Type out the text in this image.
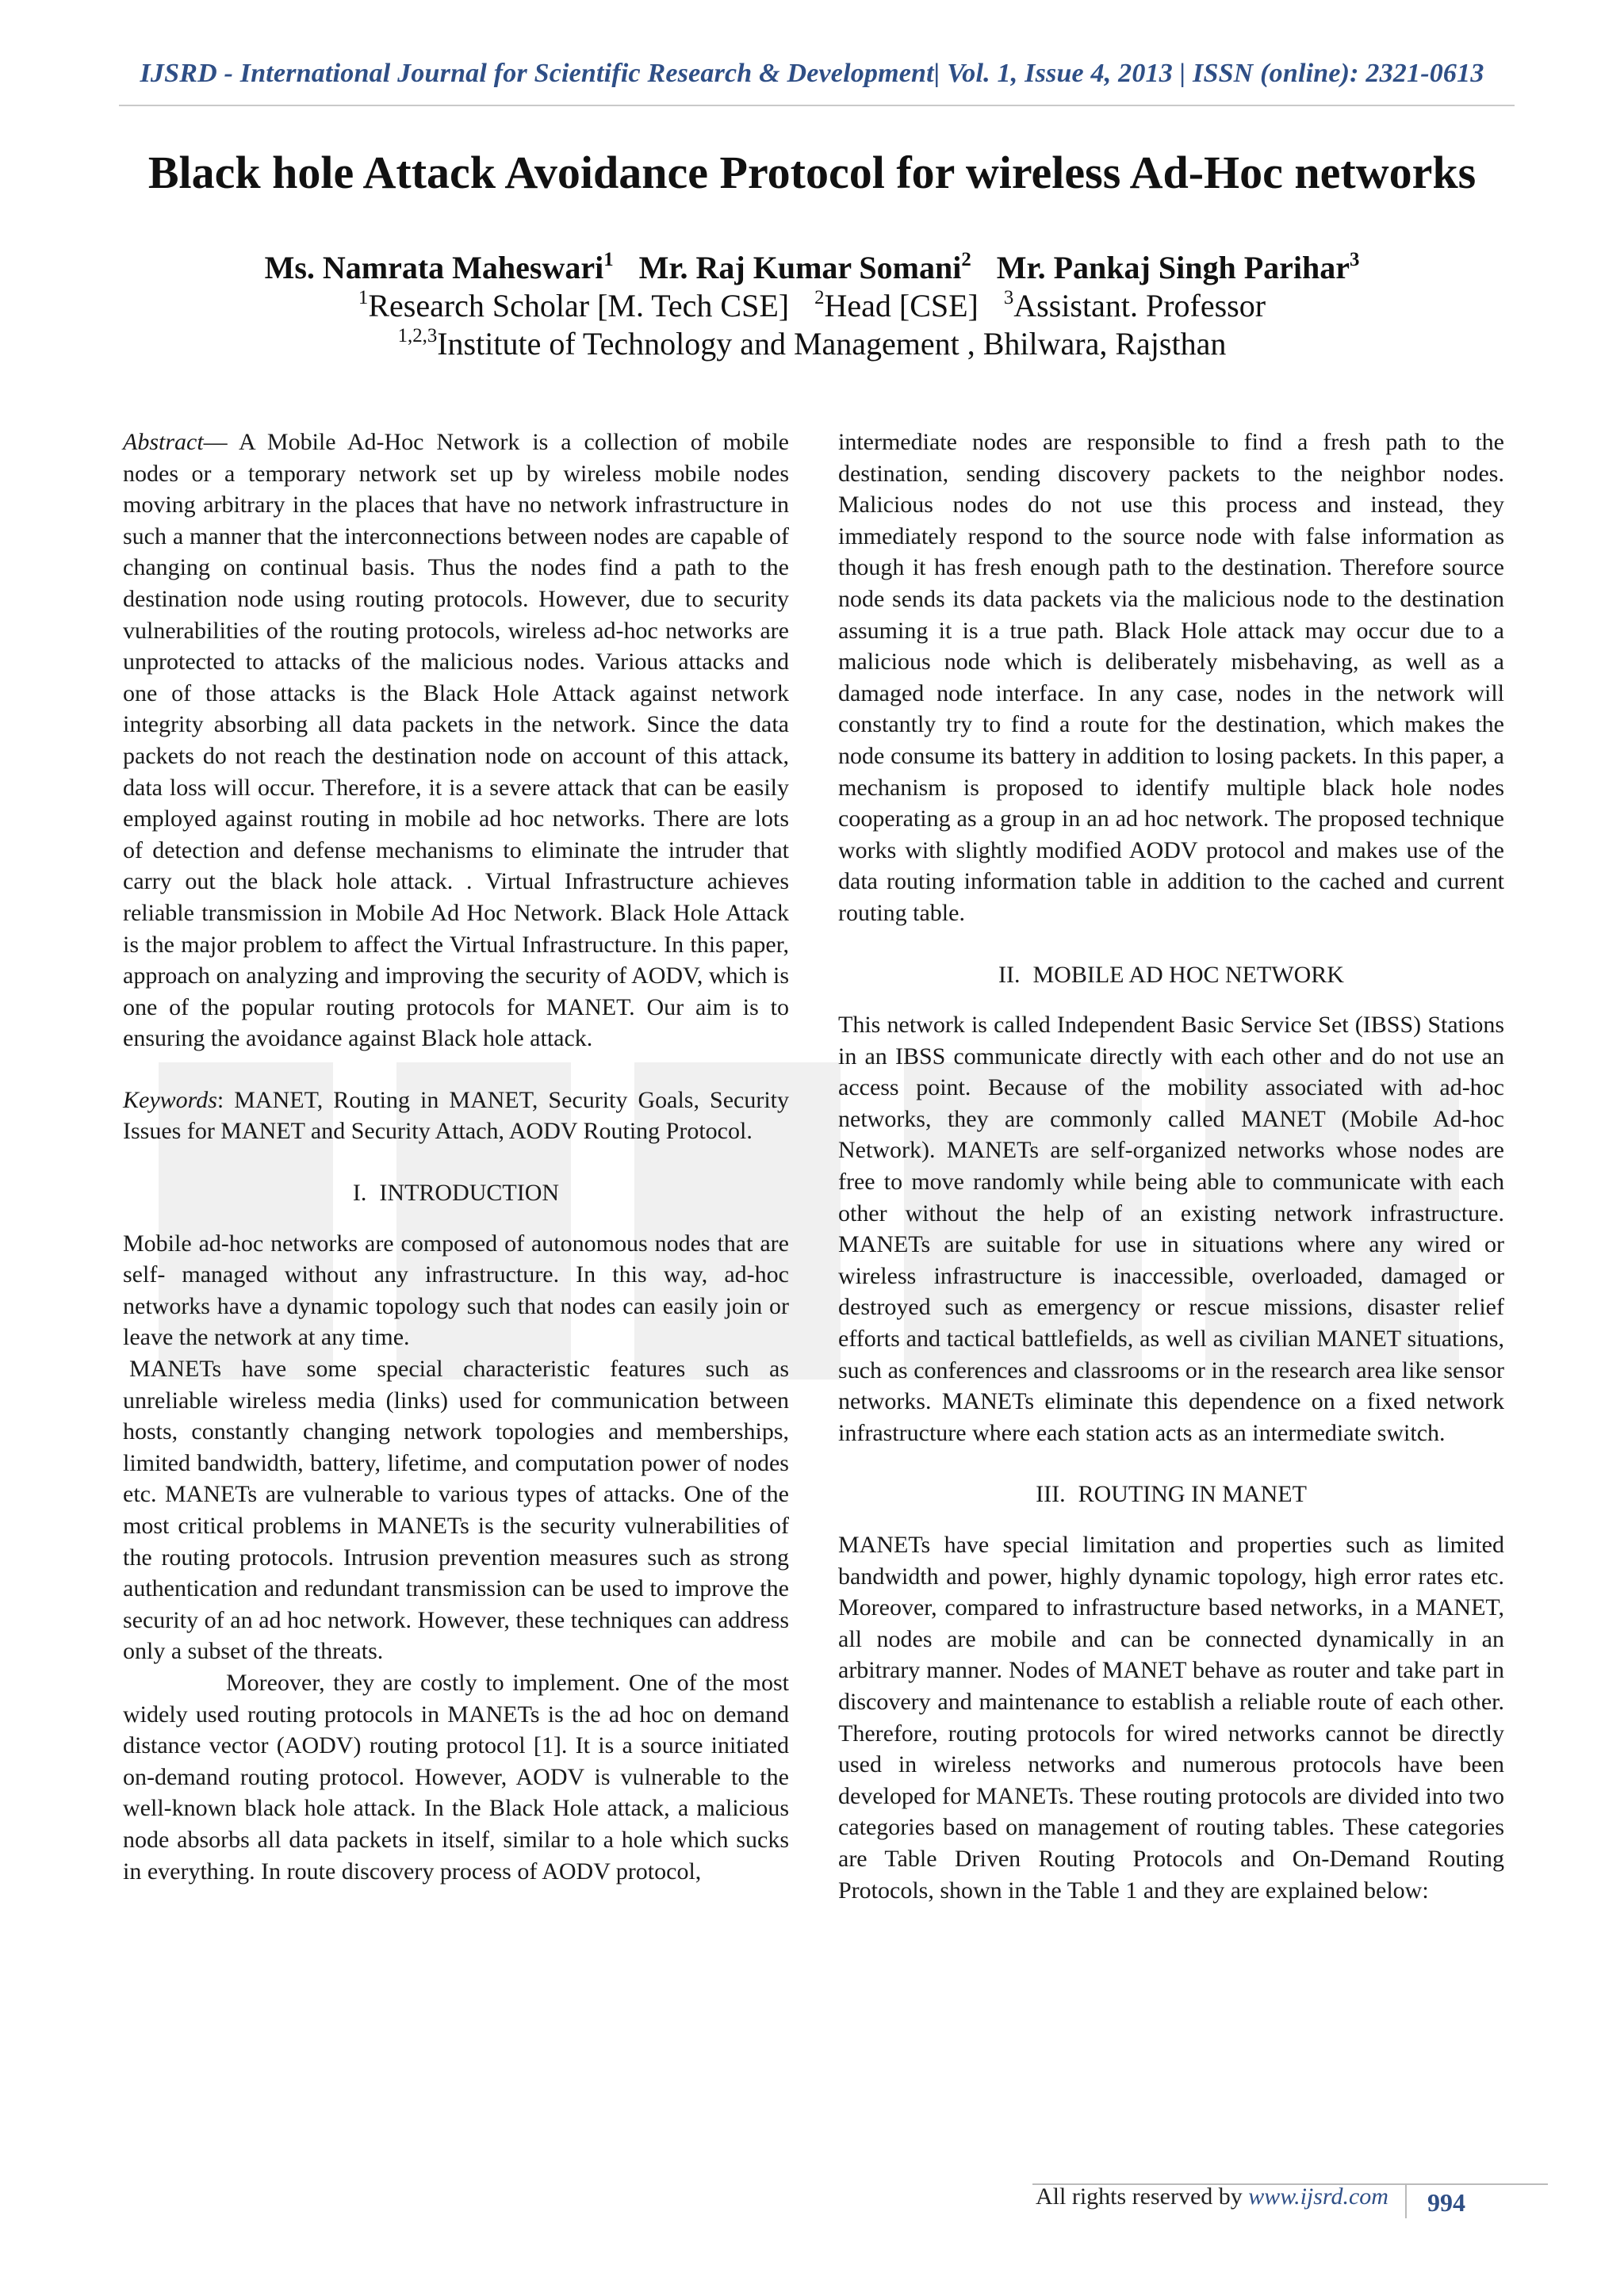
IJSRD - International Journal for Scientific Research & Development| Vol. 1, Issue 4, 2013 | ISSN (online): 2321-0613
Black hole Attack Avoidance Protocol for wireless Ad-Hoc networks
Ms. Namrata Maheswari$^1$ Mr. Raj Kumar Somani$^2$ Mr. Pankaj Singh Parihar$^3$
$^1$Research Scholar [M. Tech CSE] $^2$Head [CSE] $^3$Assistant. Professor
$^{1,2,3}$Institute of Technology and Management , Bhilwara, Rajsthan

Abstract— A Mobile Ad-Hoc Network is a collection of mobile nodes or a temporary network set up by wireless mobile nodes moving arbitrary in the places that have no network infrastructure in such a manner that the interconnections between nodes are capable of changing on continual basis. Thus the nodes find a path to the destination node using routing protocols. However, due to security vulnerabilities of the routing protocols, wireless ad-hoc networks are unprotected to attacks of the malicious nodes. Various attacks and one of those attacks is the Black Hole Attack against network integrity absorbing all data packets in the network. Since the data packets do not reach the destination node on account of this attack, data loss will occur. Therefore, it is a severe attack that can be easily employed against routing in mobile ad hoc networks. There are lots of detection and defense mechanisms to eliminate the intruder that carry out the black hole attack. . Virtual Infrastructure achieves reliable transmission in Mobile Ad Hoc Network. Black Hole Attack is the major problem to affect the Virtual Infrastructure. In this paper, approach on analyzing and improving the security of AODV, which is one of the popular routing protocols for MANET. Our aim is to ensuring the avoidance against Black hole attack.

Keywords: MANET, Routing in MANET, Security Goals, Security Issues for MANET and Security Attach, AODV Routing Protocol.

I. INTRODUCTION

Mobile ad-hoc networks are composed of autonomous nodes that are self- managed without any infrastructure. In this way, ad-hoc networks have a dynamic topology such that nodes can easily join or leave the network at any time.

MANETs have some special characteristic features such as unreliable wireless media (links) used for communication between hosts, constantly changing network topologies and memberships, limited bandwidth, battery, lifetime, and computation power of nodes etc. MANETs are vulnerable to various types of attacks. One of the most critical problems in MANETs is the security vulnerabilities of the routing protocols. Intrusion prevention measures such as strong authentication and redundant transmission can be used to improve the security of an ad hoc network. However, these techniques can address only a subset of the threats.

Moreover, they are costly to implement. One of the most widely used routing protocols in MANETs is the ad hoc on demand distance vector (AODV) routing protocol [1]. It is a source initiated on-demand routing protocol. However, AODV is vulnerable to the well-known black hole attack. In the Black Hole attack, a malicious node absorbs all data packets in itself, similar to a hole which sucks in everything. In route discovery process of AODV protocol,

intermediate nodes are responsible to find a fresh path to the destination, sending discovery packets to the neighbor nodes. Malicious nodes do not use this process and instead, they immediately respond to the source node with false information as though it has fresh enough path to the destination. Therefore source node sends its data packets via the malicious node to the destination assuming it is a true path. Black Hole attack may occur due to a malicious node which is deliberately misbehaving, as well as a damaged node interface. In any case, nodes in the network will constantly try to find a route for the destination, which makes the node consume its battery in addition to losing packets. In this paper, a mechanism is proposed to identify multiple black hole nodes cooperating as a group in an ad hoc network. The proposed technique works with slightly modified AODV protocol and makes use of the data routing information table in addition to the cached and current routing table.

II. MOBILE AD HOC NETWORK

This network is called Independent Basic Service Set (IBSS) Stations in an IBSS communicate directly with each other and do not use an access point. Because of the mobility associated with ad-hoc networks, they are commonly called MANET (Mobile Ad-hoc Network). MANETs are self-organized networks whose nodes are free to move randomly while being able to communicate with each other without the help of an existing network infrastructure. MANETs are suitable for use in situations where any wired or wireless infrastructure is inaccessible, overloaded, damaged or destroyed such as emergency or rescue missions, disaster relief efforts and tactical battlefields, as well as civilian MANET situations, such as conferences and classrooms or in the research area like sensor networks. MANETs eliminate this dependence on a fixed network infrastructure where each station acts as an intermediate switch.

III. ROUTING IN MANET

MANETs have special limitation and properties such as limited bandwidth and power, highly dynamic topology, high error rates etc. Moreover, compared to infrastructure based networks, in a MANET, all nodes are mobile and can be connected dynamically in an arbitrary manner. Nodes of MANET behave as router and take part in discovery and maintenance to establish a reliable route of each other. Therefore, routing protocols for wired networks cannot be directly used in wireless networks and numerous protocols have been developed for MANETs. These routing protocols are divided into two categories based on management of routing tables. These categories are Table Driven Routing Protocols and On-Demand Routing Protocols, shown in the Table 1 and they are explained below:

All rights reserved by www.ijsrd.com 994
